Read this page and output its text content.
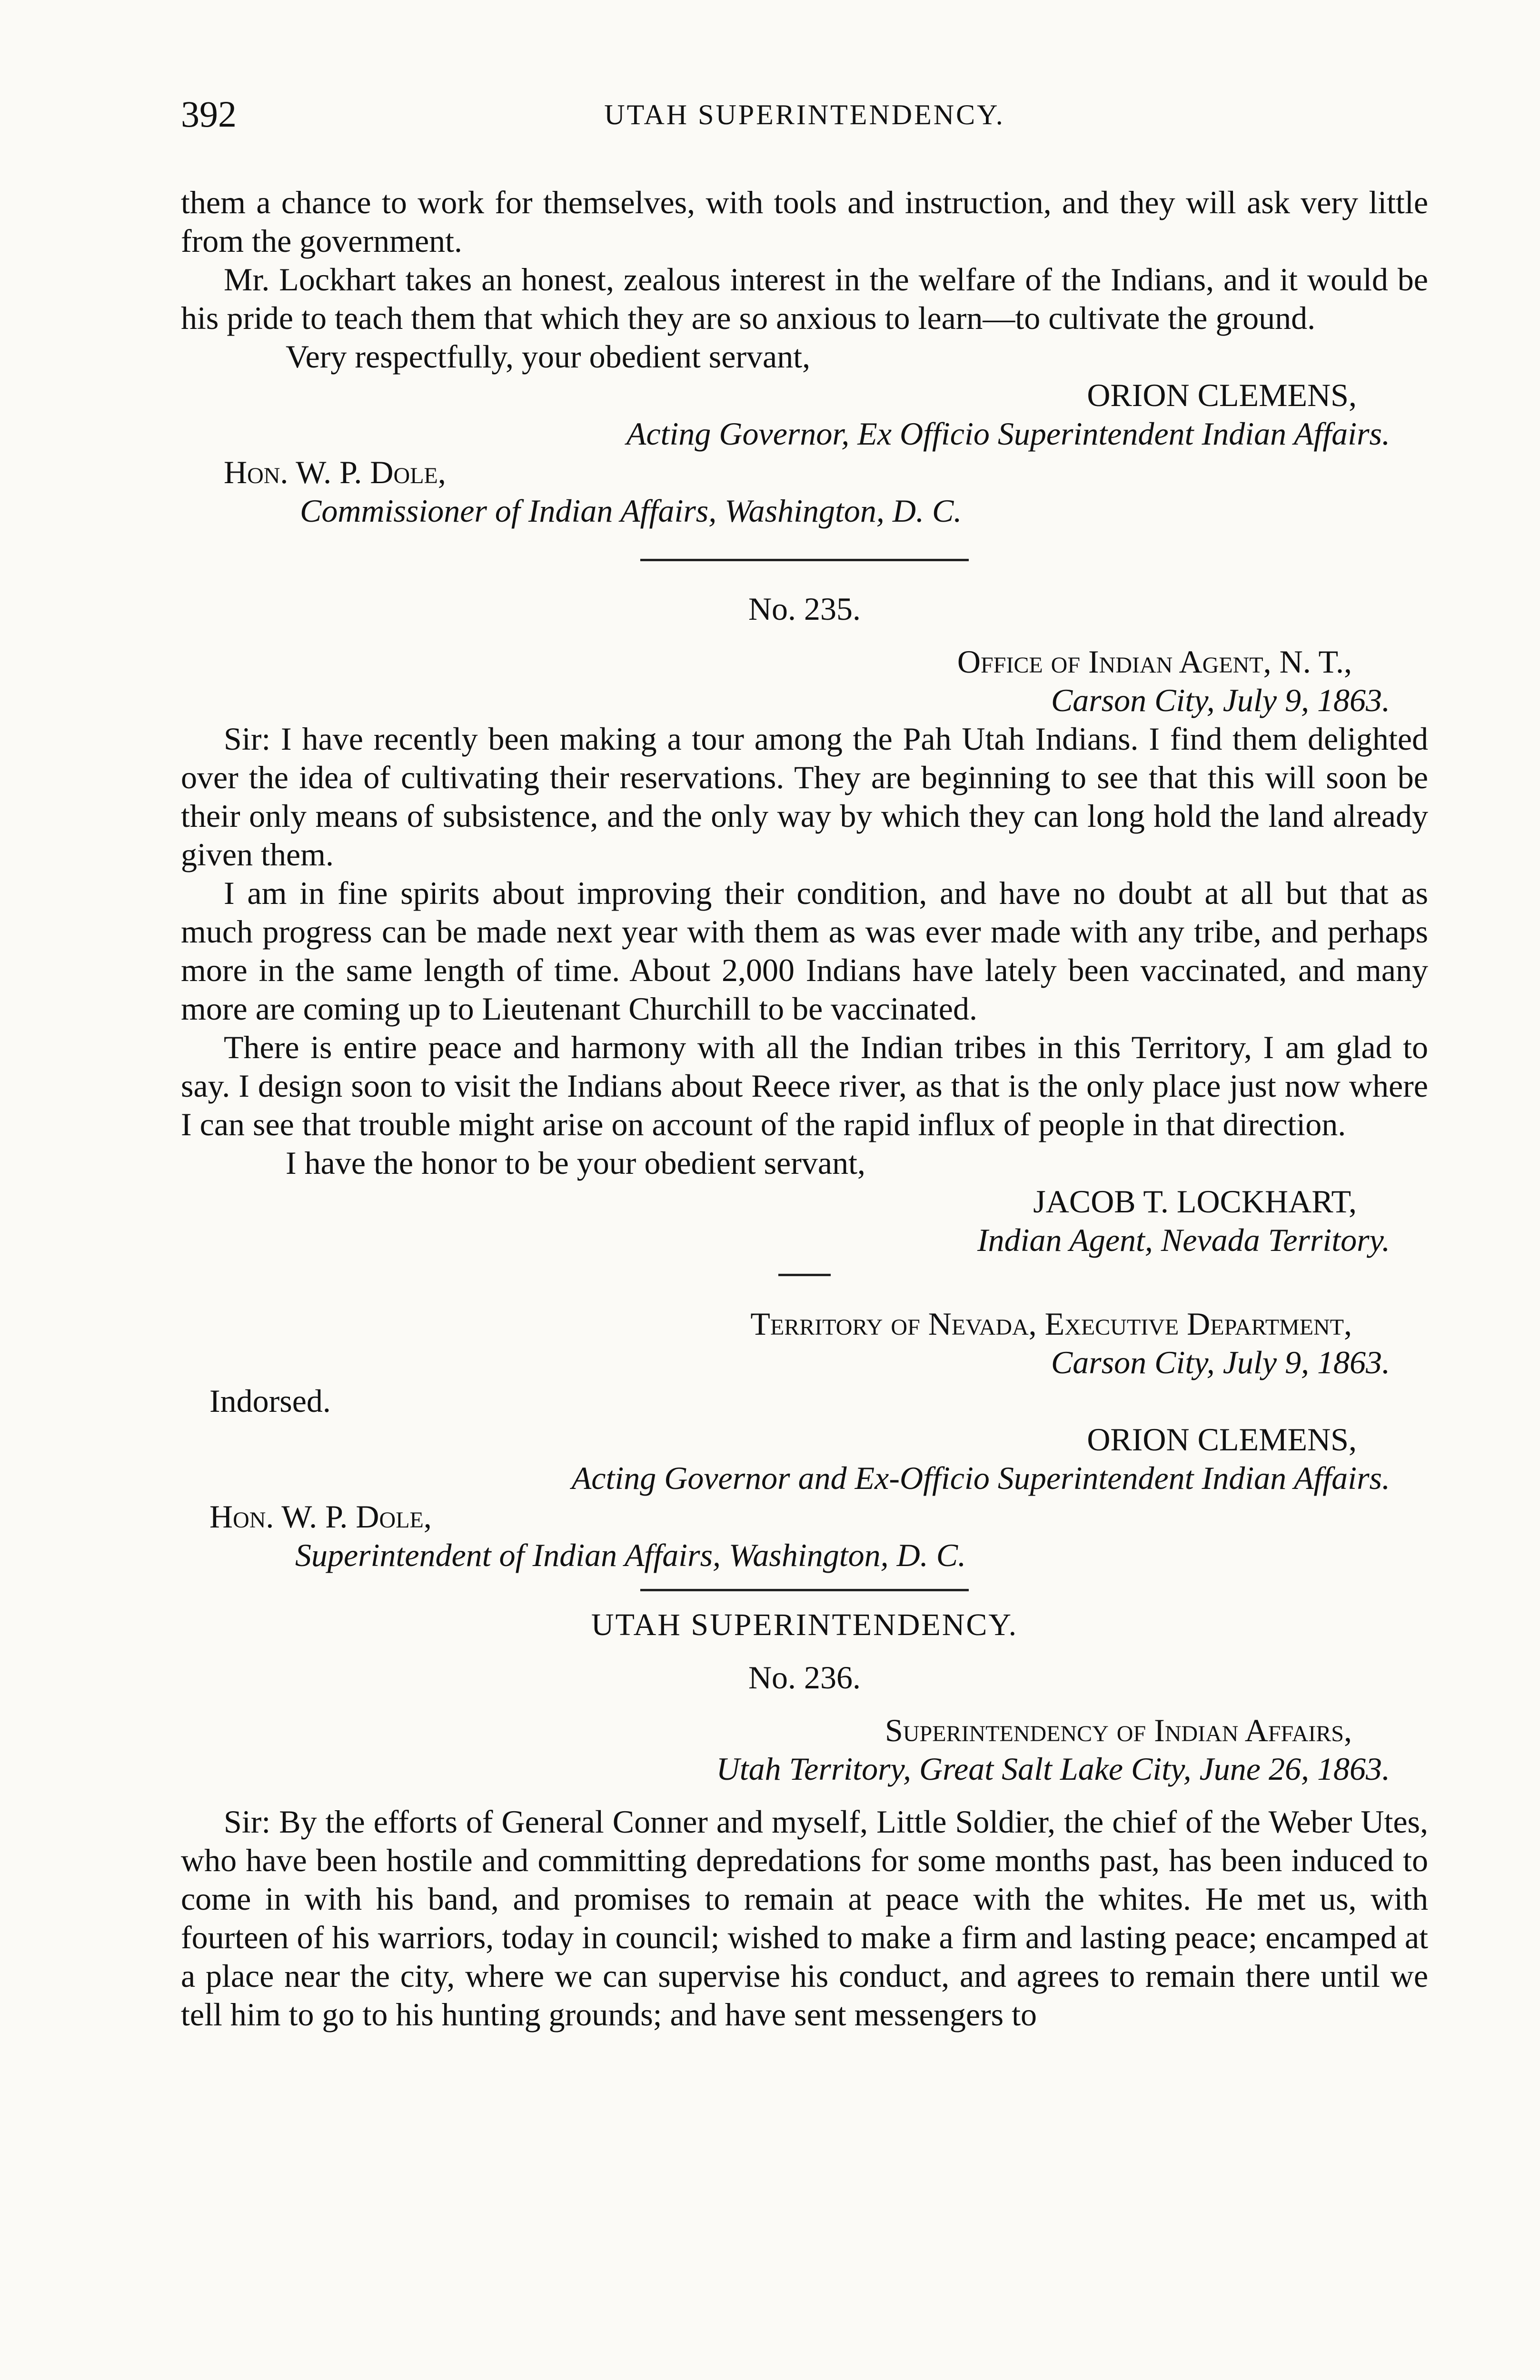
392	UTAH SUPERINTENDENCY.

them a chance to work for themselves, with tools and instruction, and they will ask very little from the government.

Mr. Lockhart takes an honest, zealous interest in the welfare of the Indians, and it would be his pride to teach them that which they are so anxious to learn—to cultivate the ground.

Very respectfully, your obedient servant,

ORION CLEMENS,

Acting Governor, Ex Officio Superintendent Indian Affairs.

Hon. W. P. Dole,

Commissioner of Indian Affairs, Washington, D. C.

No. 235.

Office of Indian Agent, N. T.,

Carson City, July 9, 1863.

Sir: I have recently been making a tour among the Pah Utah Indians. I find them delighted over the idea of cultivating their reservations. They are beginning to see that this will soon be their only means of subsistence, and the only way by which they can long hold the land already given them.

I am in fine spirits about improving their condition, and have no doubt at all but that as much progress can be made next year with them as was ever made with any tribe, and perhaps more in the same length of time. About 2,000 Indians have lately been vaccinated, and many more are coming up to Lieutenant Churchill to be vaccinated.

There is entire peace and harmony with all the Indian tribes in this Territory, I am glad to say. I design soon to visit the Indians about Reece river, as that is the only place just now where I can see that trouble might arise on account of the rapid influx of people in that direction.

I have the honor to be your obedient servant,

JACOB T. LOCKHART,

Indian Agent, Nevada Territory.

Territory of Nevada, Executive Department,

Carson City, July 9, 1863.

Indorsed.

ORION CLEMENS,

Acting Governor and Ex-Officio Superintendent Indian Affairs.

Hon. W. P. Dole,

Superintendent of Indian Affairs, Washington, D. C.

UTAH SUPERINTENDENCY.

No. 236.

Superintendency of Indian Affairs,

Utah Territory, Great Salt Lake City, June 26, 1863.

Sir: By the efforts of General Conner and myself, Little Soldier, the chief of the Weber Utes, who have been hostile and committing depredations for some months past, has been induced to come in with his band, and promises to remain at peace with the whites. He met us, with fourteen of his warriors, today in council; wished to make a firm and lasting peace; encamped at a place near the city, where we can supervise his conduct, and agrees to remain there until we tell him to go to his hunting grounds; and have sent messengers to
